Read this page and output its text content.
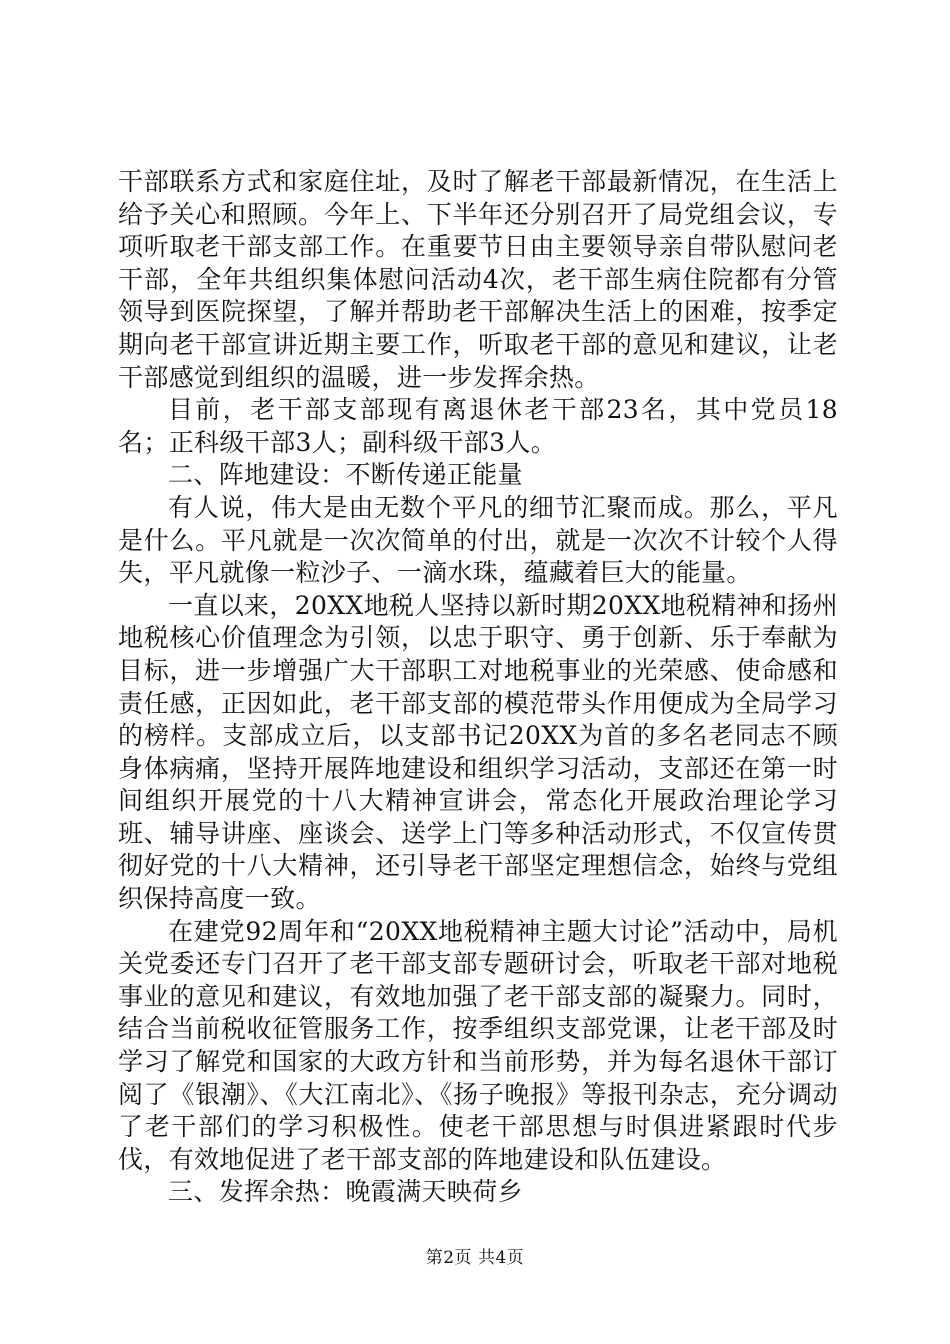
干部联系方式和家庭住址，及时了解老干部最新情况，在生活上给予关心和照顾。今年上、下半年还分别召开了局党组会议，专项听取老干部支部工作。在重要节日由主要领导亲自带队慰问老干部，全年共组织集体慰问活动4次，老干部生病住院都有分管领导到医院探望，了解并帮助老干部解决生活上的困难，按季定期向老干部宣讲近期主要工作，听取老干部的意见和建议，让老干部感觉到组织的温暖，进一步发挥余热。

目前，老干部支部现有离退休老干部23名，其中党员18名；正科级干部3人；副科级干部3人。

二、阵地建设：不断传递正能量

有人说，伟大是由无数个平凡的细节汇聚而成。那么，平凡是什么。平凡就是一次次简单的付出，就是一次次不计较个人得失，平凡就像一粒沙子、一滴水珠，蕴藏着巨大的能量。

一直以来，20XX地税人坚持以新时期20XX地税精神和扬州地税核心价值理念为引领，以忠于职守、勇于创新、乐于奉献为目标，进一步增强广大干部职工对地税事业的光荣感、使命感和责任感，正因如此，老干部支部的模范带头作用便成为全局学习的榜样。支部成立后，以支部书记20XX为首的多名老同志不顾身体病痛，坚持开展阵地建设和组织学习活动，支部还在第一时间组织开展党的十八大精神宣讲会，常态化开展政治理论学习班、辅导讲座、座谈会、送学上门等多种活动形式，不仅宣传贯彻好党的十八大精神，还引导老干部坚定理想信念，始终与党组织保持高度一致。

在建党92周年和“20XX地税精神主题大讨论”活动中，局机关党委还专门召开了老干部支部专题研讨会，听取老干部对地税事业的意见和建议，有效地加强了老干部支部的凝聚力。同时，结合当前税收征管服务工作，按季组织支部党课，让老干部及时学习了解党和国家的大政方针和当前形势，并为每名退休干部订阅了《银潮》、《大江南北》、《扬子晚报》等报刊杂志，充分调动了老干部们的学习积极性。使老干部思想与时俱进紧跟时代步伐，有效地促进了老干部支部的阵地建设和队伍建设。

三、发挥余热：晚霞满天映荷乡

第2页 共4页
